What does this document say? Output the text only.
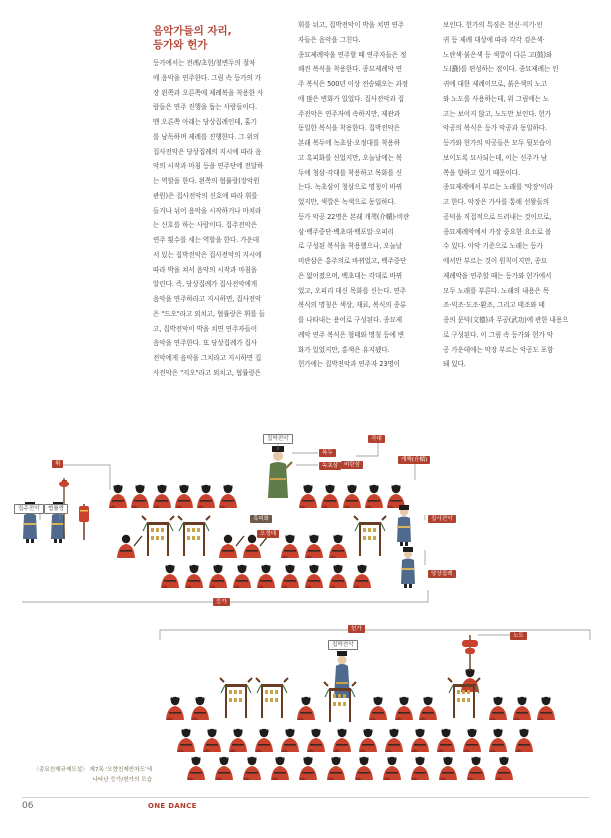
음악가들의 자리,
등가와 헌가

등가에서는 전례/초헌/철변두의 절차
에 음악을 연주한다. 그림 속 등가의 가
장 왼쪽과 오른쪽에 제례복을 착용한 사
람들은 연주 진행을 돕는 사람들이다.
맨 오른쪽 아래는 당상집례인데, 홀기
를 낭독하며 제례를 진행한다. 그 위의
집사전악은 당상집례의 지시에 따라 음
악의 시작과 마침 등을 연주단에 전달하
는 역할을 한다. 왼쪽의 협률랑(장악원
관원)은 집사전악의 신호에 따라 휘를
들거나 뉘어 음악을 시작하거나 마치라
는 신호를 하는 사람이다. 집주전악은
연주 횟수를 세는 역할을 한다. 가운데
서 있는 집박전악은 집사전악의 지시에
따라 박을 쳐서 음악의 시작과 마침을
알린다. 즉, 당상집례가 집사전악에게
음악을 연주하라고 지시하면, 집사전악
은 "드오"라고 외치고, 협률랑은 휘를 들
고, 집박전악이 박을 치면 연주자들이
음악을 연주한다. 또 당상집례가 집사
전악에게 음악을 그치라고 지시하면 집
사전악은 "지오"라고 외치고, 협률랑은

휘를 뉘고, 집박전악이 박을 치면 연주
자들은 음악을 그친다.
종묘제례악을 연주할 때 연주자들은 정
해진 복식을 착용한다. 종묘제례악 연
주 복식은 500년 이상 전승돼오는 과정
에 많은 변화가 있었다. 집사전악과 집
주전악은 연주자에 속하지만, 제관과
동일한 복식을 착용한다. 집박전악은
본래 복두에 녹초삼·오정대를 착용하
고 흑피화를 신었지만, 오늘날에는 복
두에 청삼·각대를 착용하고 목화를 신
는다. 녹초삼이 청삼으로 명칭이 바뀌
었지만, 색깔은 녹색으로 동일하다.
등가 악공 22명은 본래 개책(介幘)·비란
삼·백주중단·백초대·백포말·오피리
로 구성된 복식을 착용했으나, 오늘날
비란삼은 홍주의로 바뀌었고, 백주중단
은 없어졌으며, 백초대는 각대로 바뀌
었고, 오피리 대신 목화를 신는다. 연주
복식의 명칭은 색상, 재료, 복식의 종류
를 나타내는 용어로 구성된다. 종묘제
례악 연주 복식은 형태와 명칭 등에 변
화가 있었지만, 홍색은 유지됐다.
헌가에는 집박전악과 연주자 23명이

보인다. 헌가의 특징은 천신·지기·인
귀 등 제례 대상에 따라 각각 검은색·
노란색·붉은색 등 색깔이 다른 고(鼓)와
도(鼗)를 편성하는 점이다. 종묘제례는 인
귀에 대한 제례이므로, 붉은색의 노고
와 노도를 사용하는데, 위 그림에는 노
고는 보이지 않고, 노도만 보인다. 헌가
악공의 복식은 등가 악공과 동일하다.
등가와 헌가의 악공들은 모두 뒷모습이
보이도록 묘사되는데, 이는 신주가 남
쪽을 향하고 있기 때문이다.
종묘제례에서 부르는 노래를 '악장'이라
고 한다. 악장은 가사를 통해 선왕들의
공덕을 직접적으로 드러내는 것이므로,
종묘제례악에서 가장 중요한 요소로 볼
수 있다. 아악 기준으로 노래는 등가
에서만 부르는 것이 원칙이지만, 종묘
제례악을 연주할 때는 등가와 헌가에서
모두 노래를 부른다. 노래의 내용은 목
조·익조·도조·환조, 그리고 태조와 태
종의 문덕(文德)과 무공(武功)에 관한 내용으
로 구성된다. 이 그림 속 등가와 헌가 악
공 가운데에는 악장 부르는 악공도 포함
돼 있다.

휘
집주전악	협률랑
집박전악
복두
녹초삼	비란삼
각대
개책(介幘)
흑피화
오정대
집사전악
당상집례
등가
헌가
집박전악
노도
〈종묘친제규제도설〉 제7폭 '오향친제반차도'에
나타난 등가/헌가의 모습
06	ONE DANCE
